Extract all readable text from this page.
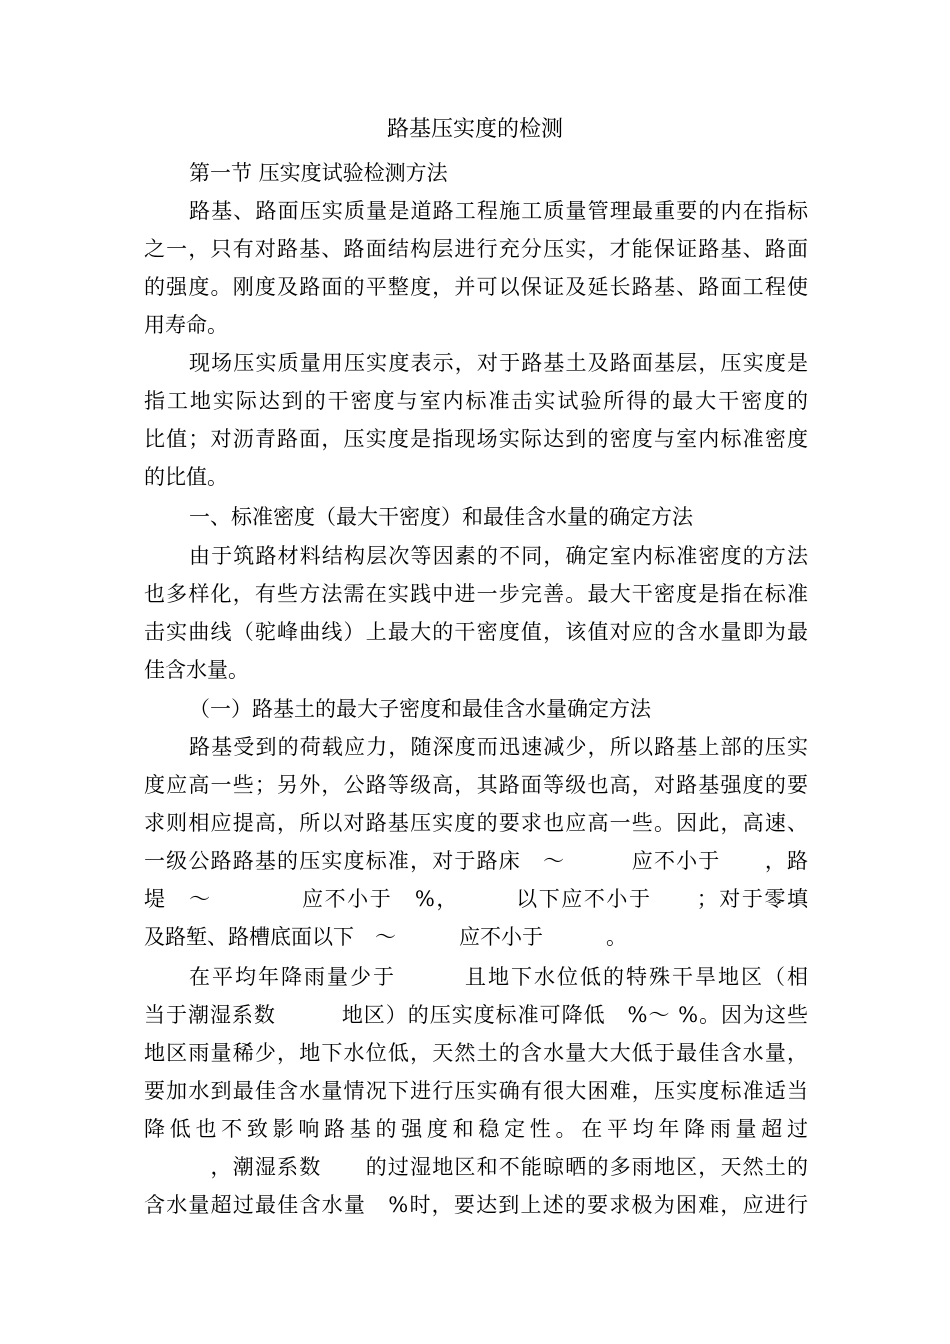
路基压实度的检测
第一节 压实度试验检测方法
路基、路面压实质量是道路工程施工质量管理最重要的内在指标
之一，只有对路基、路面结构层进行充分压实，才能保证路基、路面
的强度。刚度及路面的平整度，并可以保证及延长路基、路面工程使
用寿命。
现场压实质量用压实度表示，对于路基土及路面基层，压实度是
指工地实际达到的干密度与室内标准击实试验所得的最大干密度的
比值；对沥青路面，压实度是指现场实际达到的密度与室内标准密度
的比值。
一、标准密度（最大干密度）和最佳含水量的确定方法
由于筑路材料结构层次等因素的不同，确定室内标准密度的方法
也多样化，有些方法需在实践中进一步完善。最大干密度是指在标准
击实曲线（驼峰曲线）上最大的干密度值，该值对应的含水量即为最
佳含水量。
（一）路基土的最大子密度和最佳含水量确定方法
路基受到的荷载应力，随深度而迅速减少，所以路基上部的压实
度应高一些；另外，公路等级高，其路面等级也高，对路基强度的要
求则相应提高，所以对路基压实度的要求也应高一些。因此，高速、
一级公路路基的压实度标准，对于路床　～　　　应不小于　　，路
堤　～　　　　应不小于　%，　　　以下应不小于　　；对于零填
及路堑、路槽底面以下　～　　　应不小于　　　。
在平均年降雨量少于　　　且地下水位低的特殊干旱地区（相
当于潮湿系数　　　地区）的压实度标准可降低　%～ %。因为这些
地区雨量稀少，地下水位低，天然土的含水量大大低于最佳含水量，
要加水到最佳含水量情况下进行压实确有很大困难，压实度标准适当
降低也不致影响路基的强度和稳定性。在平均年降雨量超过
　　　，潮湿系数　　的过湿地区和不能晾晒的多雨地区，天然土的
含水量超过最佳含水量　%时，要达到上述的要求极为困难，应进行
